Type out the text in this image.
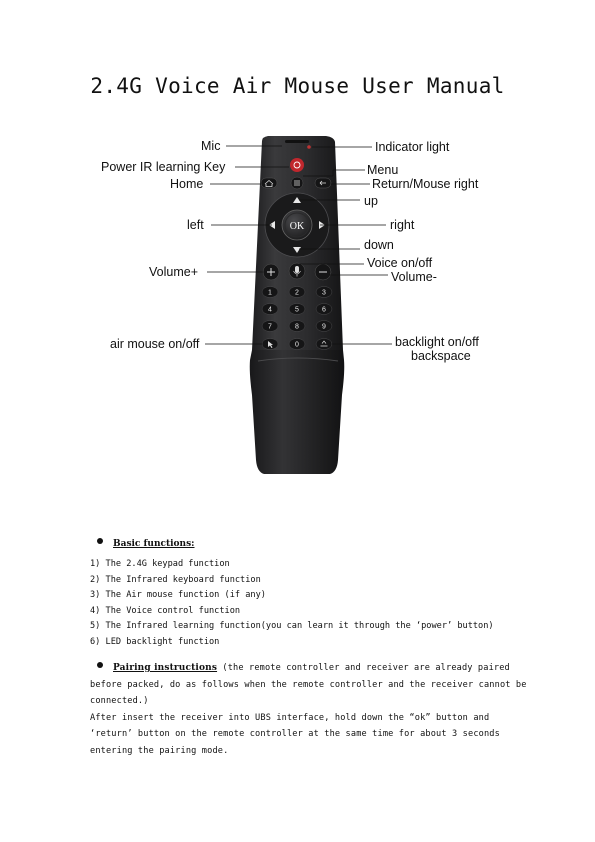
2.4G Voice Air Mouse User Manual
OK
1	2	3
4	5	6
7	8	9
0
Mic
Power IR learning Key
Home
Indicator light
Menu
Return/Mouse right
up
left	right
down
Voice on/off
Volume+	Volume-
air mouse on/off	backlight on/off
backspace
Basic functions:
1) The 2.4G keypad function
2) The Infrared keyboard function
3) The Air mouse function (if any)
4) The Voice control function
5) The Infrared learning function(you can learn it through the ‘power’ button)
6) LED backlight function
Pairing instructions (the remote controller and receiver are already paired
before packed, do as follows when the remote controller and the receiver cannot be
connected.)
After insert the receiver into UBS interface, hold down the “ok” button and
‘return’ button on the remote controller at the same time for about 3 seconds
entering the pairing mode.
